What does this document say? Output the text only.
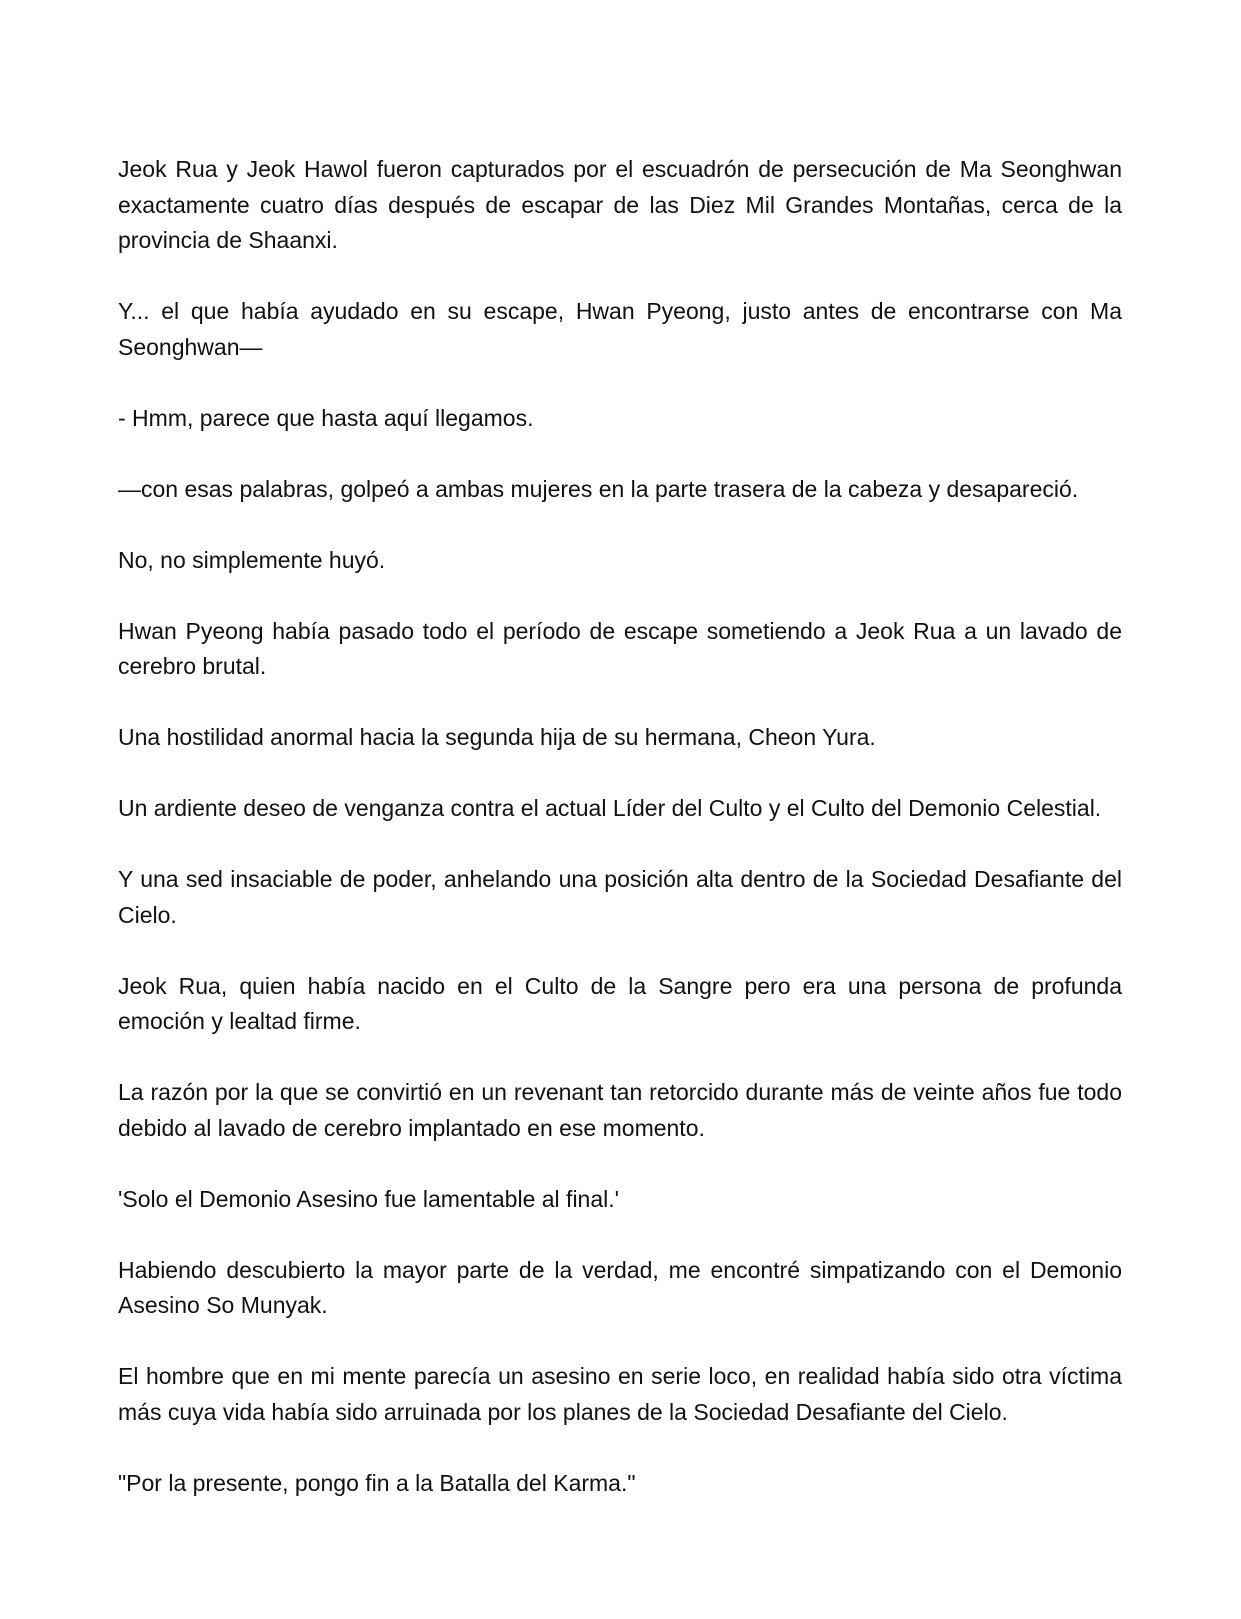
Jeok Rua y Jeok Hawol fueron capturados por el escuadrón de persecución de Ma Seonghwan exactamente cuatro días después de escapar de las Diez Mil Grandes Montañas, cerca de la provincia de Shaanxi.

Y... el que había ayudado en su escape, Hwan Pyeong, justo antes de encontrarse con Ma Seonghwan—

- Hmm, parece que hasta aquí llegamos.

—con esas palabras, golpeó a ambas mujeres en la parte trasera de la cabeza y desapareció.

No, no simplemente huyó.

Hwan Pyeong había pasado todo el período de escape sometiendo a Jeok Rua a un lavado de cerebro brutal.

Una hostilidad anormal hacia la segunda hija de su hermana, Cheon Yura.

Un ardiente deseo de venganza contra el actual Líder del Culto y el Culto del Demonio Celestial.

Y una sed insaciable de poder, anhelando una posición alta dentro de la Sociedad Desafiante del Cielo.

Jeok Rua, quien había nacido en el Culto de la Sangre pero era una persona de profunda emoción y lealtad firme.

La razón por la que se convirtió en un revenant tan retorcido durante más de veinte años fue todo debido al lavado de cerebro implantado en ese momento.

'Solo el Demonio Asesino fue lamentable al final.'

Habiendo descubierto la mayor parte de la verdad, me encontré simpatizando con el Demonio Asesino So Munyak.

El hombre que en mi mente parecía un asesino en serie loco, en realidad había sido otra víctima más cuya vida había sido arruinada por los planes de la Sociedad Desafiante del Cielo.

"Por la presente, pongo fin a la Batalla del Karma."
